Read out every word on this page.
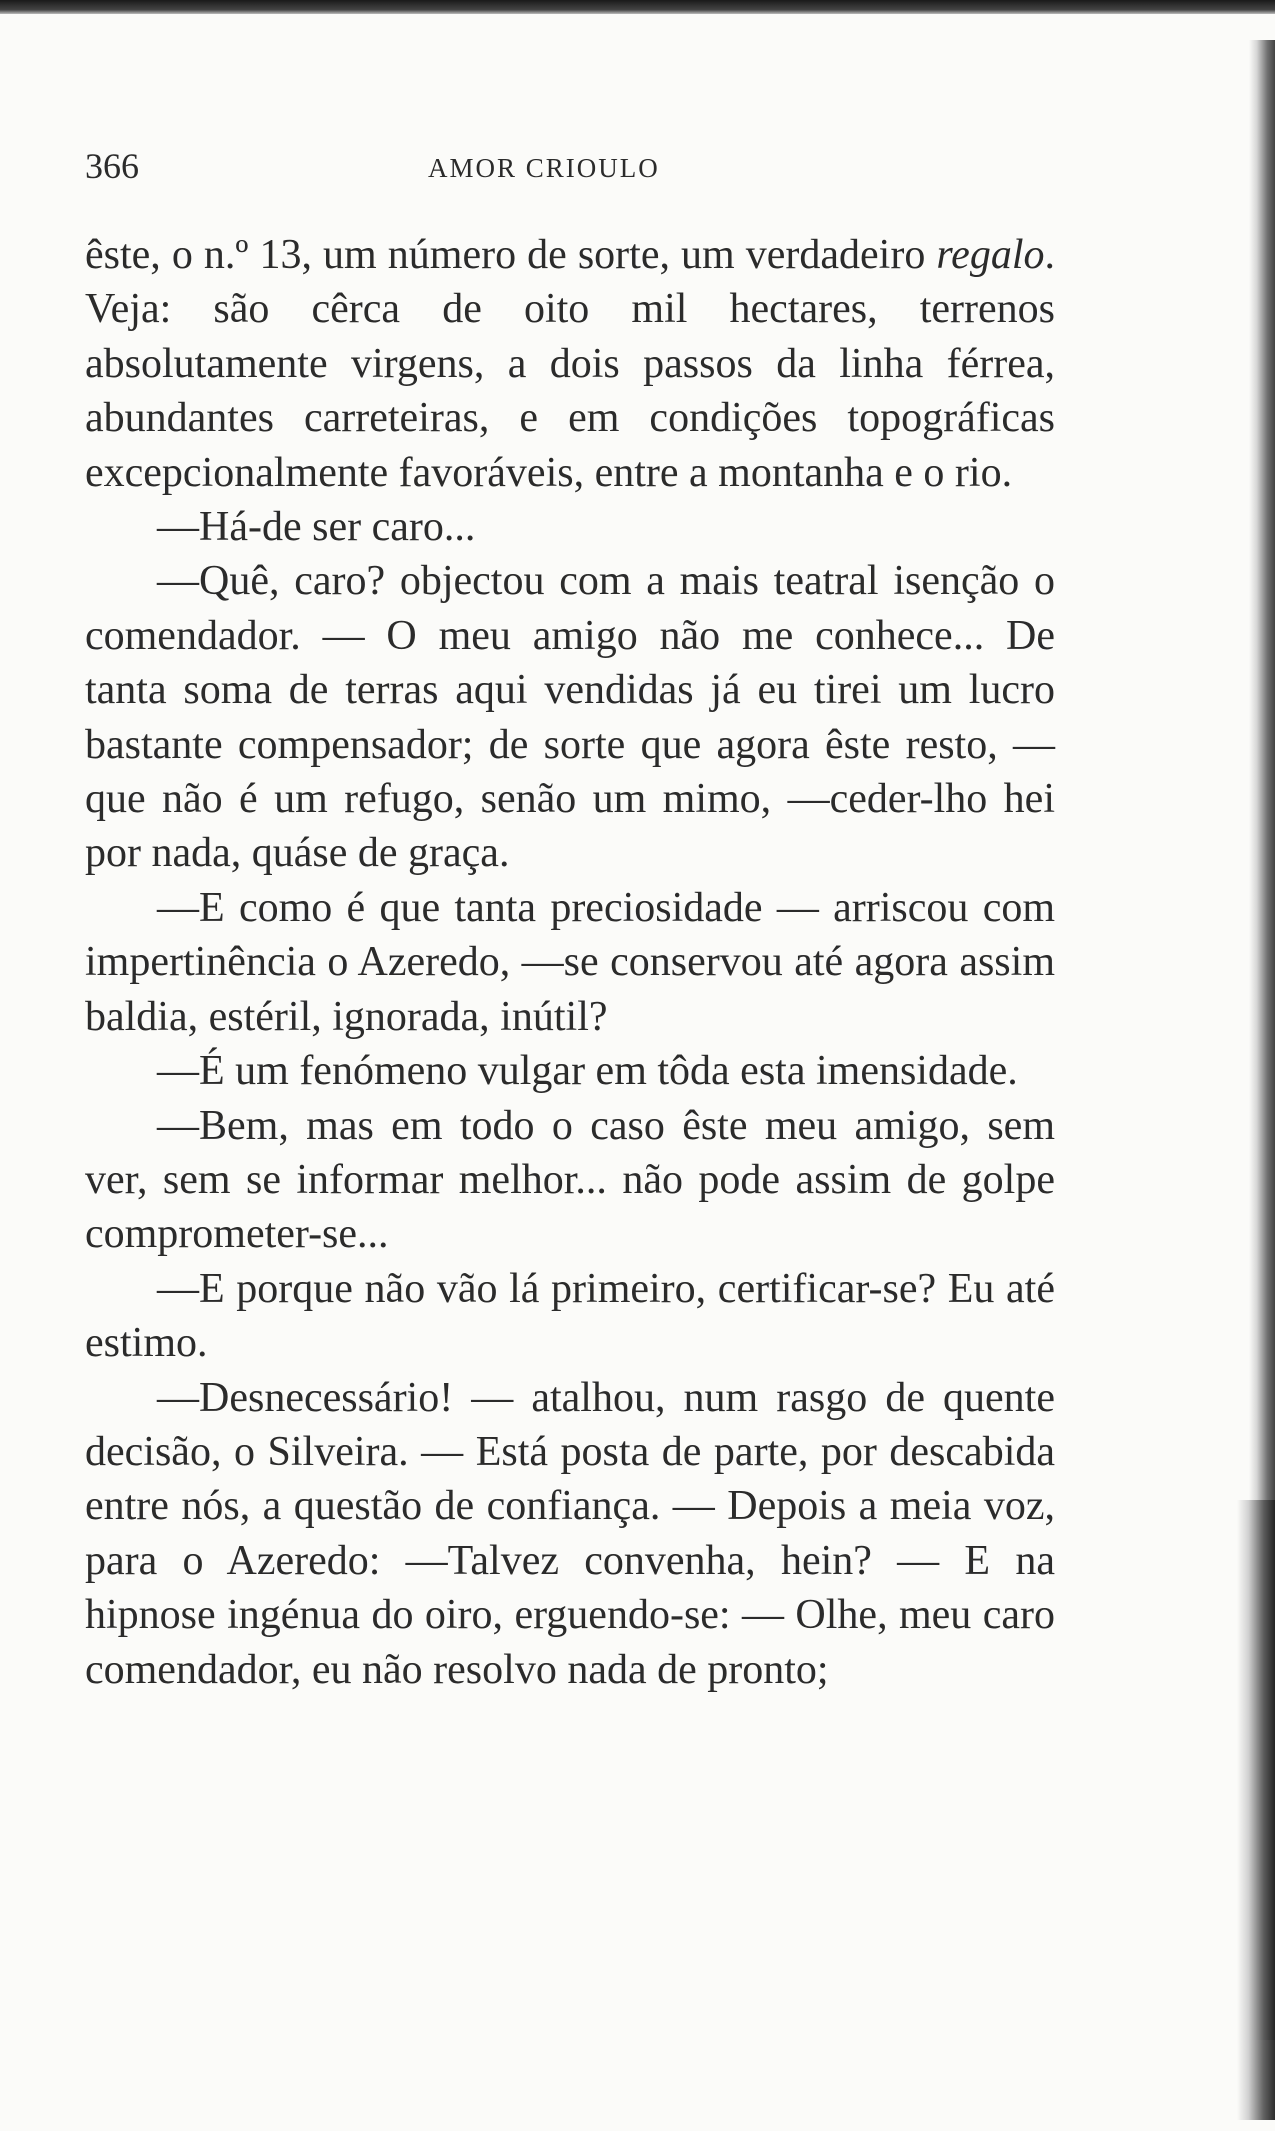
366	AMOR CRIOULO

êste, o n.º 13, um número de sorte, um verdadeiro regalo. Veja: são cêrca de oito mil hectares, terrenos absolutamente virgens, a dois passos da linha férrea, abundantes carreteiras, e em condições topográficas excepcionalmente favoráveis, entre a montanha e o rio.

—Há-de ser caro...

—Quê, caro? objectou com a mais teatral isenção o comendador. — O meu amigo não me conhece... De tanta soma de terras aqui vendidas já eu tirei um lucro bastante compensador; de sorte que agora êste resto, —que não é um refugo, senão um mimo, —ceder-lho hei por nada, quáse de graça.

—E como é que tanta preciosidade — arriscou com impertinência o Azeredo, —se conservou até agora assim baldia, estéril, ignorada, inútil?

—É um fenómeno vulgar em tôda esta imensidade.

—Bem, mas em todo o caso êste meu amigo, sem ver, sem se informar melhor... não pode assim de golpe comprometer-se...

—E porque não vão lá primeiro, certificar-se? Eu até estimo.

—Desnecessário! — atalhou, num rasgo de quente decisão, o Silveira. — Está posta de parte, por descabida entre nós, a questão de confiança. — Depois a meia voz, para o Azeredo: —Talvez convenha, hein? — E na hipnose ingénua do oiro, erguendo-se: — Olhe, meu caro comendador, eu não resolvo nada de pronto;
